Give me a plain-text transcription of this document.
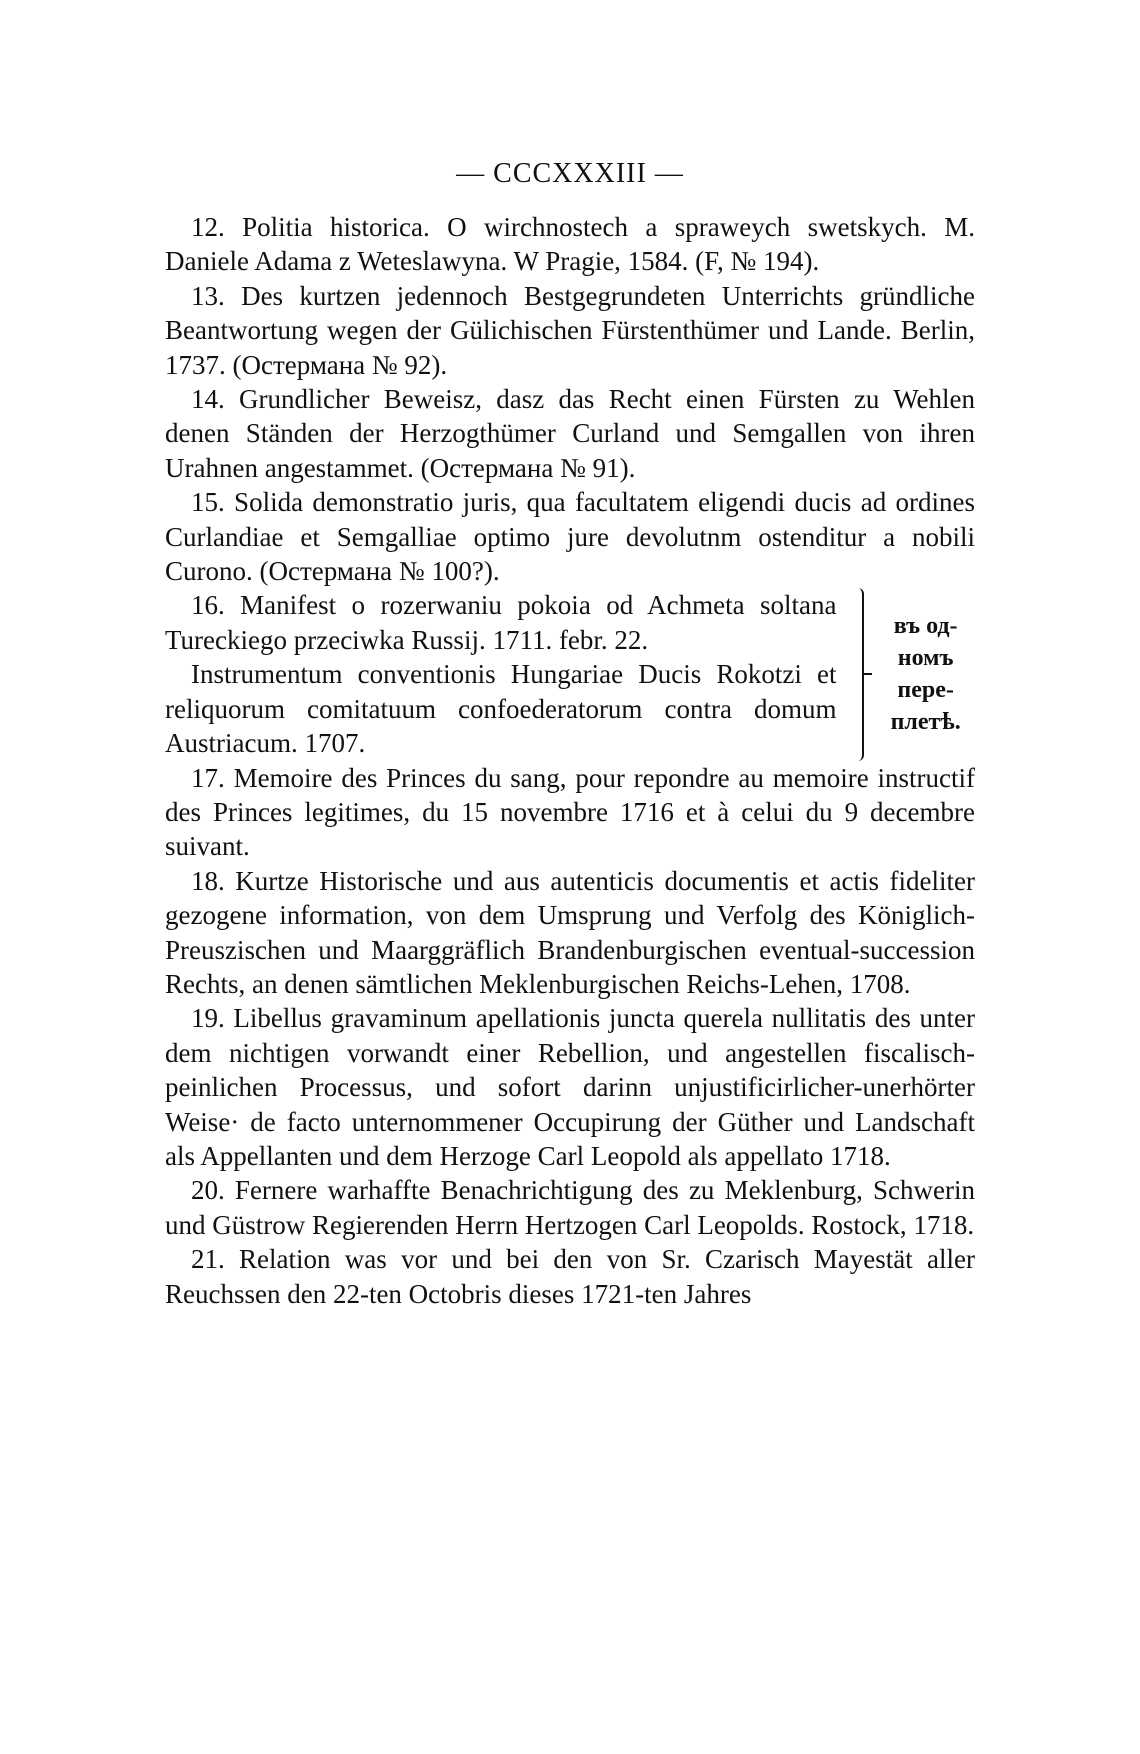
— CCCXXXIII —

12. Politia historica. O wirchnostech a sprawеych swetskych. M. Daniele Adama z Weteslawyna. W Pragie, 1584. (F, № 194).

13. Des kurtzen jedennoch Bestgegrundeten Unterrichts gründliche Beantwortung wegen der Gülichischen Fürstenthümer und Lande. Berlin, 1737. (Остермана № 92).

14. Grundlicher Beweisz, dasz das Recht einen Fürsten zu Wehlen denen Ständen der Herzogthümer Curland und Semgallen von ihren Urahnen angestammet. (Остермана № 91).

15. Solida demonstratio juris, qua facultatem eligendi ducis ad ordines Curlandiae et Semgalliae optimo jure devolutnm ostenditur a nobili Curono. (Остермана № 100?).

16. Manifest o rozerwaniu pokoia od Achmeta soltana Tureckiego przeciwka Russij. 1711. febr. 22.

Instrumentum conventionis Hungariae Ducis Rokotzi et reliquorum comitatuum confoederatorum contra domum Austriacum. 1707.

въ од-
номъ
пере-
плетѣ.

17. Memoire des Princes du sang, pour repondre au memoire instructif des Princes legitimes, du 15 novembre 1716 et à celui du 9 decembre suivant.

18. Kurtze Historische und aus autenticis documentis et actis fideliter gezogene information, von dem Umsprung und Verfolg des Königlich-Preuszischen und Maarggräflich Brandenburgischen eventual-succession Rechts, an denen sämtlichen Meklenburgischen Reichs-Lehen, 1708.

19. Libellus gravaminum apellationis juncta querela nullitatis des unter dem nichtigen vorwandt einer Rebellion, und angestellen fiscalisch-peinlichen Processus, und sofort darinn unjustificirlicher-unerhörter Weise· de facto unternommener Occupirung der Güther und Landschaft als Appellanten und dem Herzoge Carl Leopold als appellato 1718.

20. Fernere warhaffte Benachrichtigung des zu Meklenburg, Schwerin und Güstrow Regierenden Herrn Hertzogen Carl Leopolds. Rostock, 1718.

21. Relation was vor und bei den von Sr. Czarisch Mayestät aller Reuchssen den 22-ten Octobris dieses 1721-ten Jahres
